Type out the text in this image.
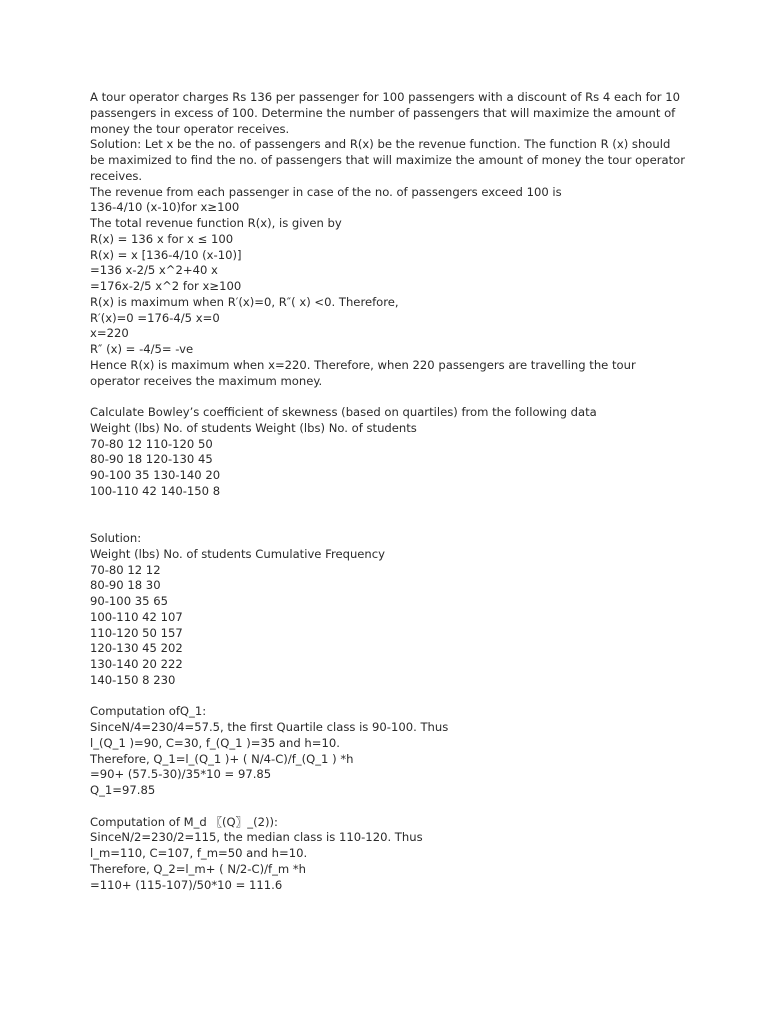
A tour operator charges Rs 136 per passenger for 100 passengers with a discount of Rs 4 each for 10
passengers in excess of 100. Determine the number of passengers that will maximize the amount of
money the tour operator receives.
Solution: Let x be the no. of passengers and R(x) be the revenue function. The function R (x) should
be maximized to find the no. of passengers that will maximize the amount of money the tour operator
receives.
The revenue from each passenger in case of the no. of passengers exceed 100 is
136-4/10 (x-10)for x≥100
The total revenue function R(x), is given by
R(x) = 136 x for x ≤ 100
R(x) = x [136-4/10 (x-10)]
=136 x-2/5 x^2+40 x
=176x-2/5 x^2 for x≥100
R(x) is maximum when R′(x)=0, R″( x) <0. Therefore,
R′(x)=0 =176-4/5 x=0
x=220
R″ (x) = -4/5= -ve
Hence R(x) is maximum when x=220. Therefore, when 220 passengers are travelling the tour
operator receives the maximum money.
Calculate Bowley’s coefficient of skewness (based on quartiles) from the following data
Weight (lbs) No. of students Weight (lbs) No. of students
70-80 12 110-120 50
80-90 18 120-130 45
90-100 35 130-140 20
100-110 42 140-150 8
Solution:
Weight (lbs) No. of students Cumulative Frequency
70-80 12 12
80-90 18 30
90-100 35 65
100-110 42 107
110-120 50 157
120-130 45 202
130-140 20 222
140-150 8 230
Computation ofQ_1:
SinceN/4=230/4=57.5, the first Quartile class is 90-100. Thus
l_(Q_1 )=90, C=30, f_(Q_1 )=35 and h=10.
Therefore, Q_1=l_(Q_1 )+ ( N/4-C)/f_(Q_1 ) *h
=90+ (57.5-30)/35*10 = 97.85
Q_1=97.85
Computation of M_d 〖(Q〗_(2)):
SinceN/2=230/2=115, the median class is 110-120. Thus
l_m=110, C=107, f_m=50 and h=10.
Therefore, Q_2=l_m+ ( N/2-C)/f_m *h
=110+ (115-107)/50*10 = 111.6
